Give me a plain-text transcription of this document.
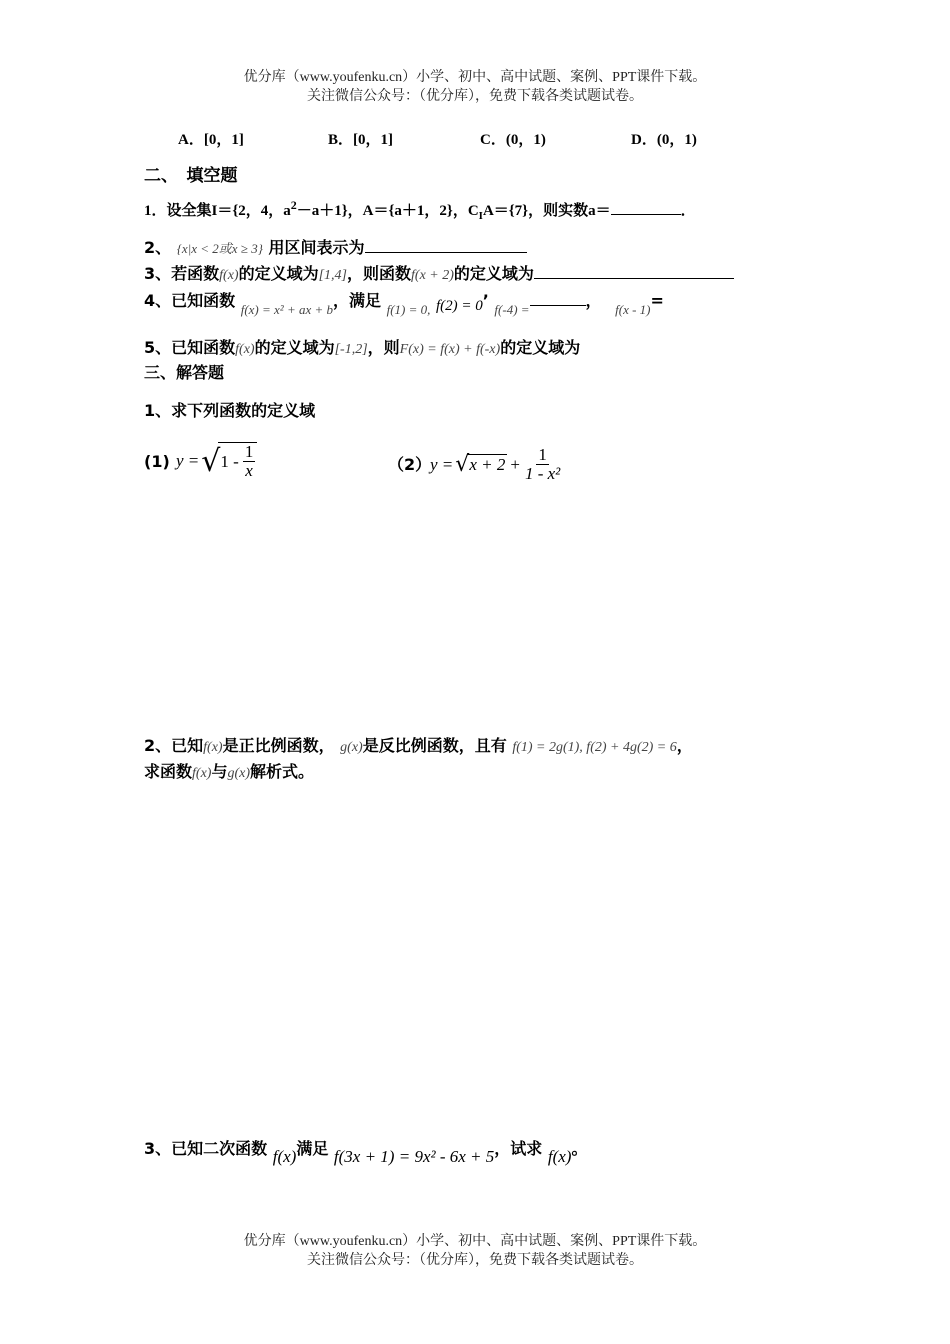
优分库（www.youfenku.cn）小学、初中、高中试题、案例、PPT课件下载。
关注微信公众号：（优分库），免费下载各类试题试卷。
A．[0，1]	B．[0，1]	C．(0，1)	D．(0，1)
二、　填空题
1．设全集I＝{2，4，$a^2-a+1$}，A＝{a＋1，2}，$C_IA=\{7\}$，则实数a＝	．
2、 {x|x < 2或x ≥ 3} 用区间表示为
3、若函数f(x)的定义域为[1,4]，则函数f(x + 2)的定义域为
4、已知函数 $_{f(x) = x^2 + ax + b}$，满足 $_{f(1) = 0,}$ f(2) = 0’ $_{f(-4) =}$	， $_{f(x - 1)}$=
5、已知函数f(x)的定义域为[-1,2]，则F(x) = f(x) + f(-x)的定义域为
三、解答题
1、求下列函数的定义域
(1) y = √ $1 - \frac{1}{x}$	（2）
y = √ $x + 2 + \frac{1}{\text{1 - x²}}$
2、已知f(x)是正比例函数， g(x)是反比例函数，且有 f(1) = 2g(1), f(2) + 4g(2) = 6，
求函数f(x)与g(x)解析式。
3、已知二次函数 f(x)满足 f(3x + 1) = 9x² - 6x + 5，试求 f(x)。
优分库（www.youfenku.cn）小学、初中、高中试题、案例、PPT课件下载。
关注微信公众号：（优分库），免费下载各类试题试卷。
